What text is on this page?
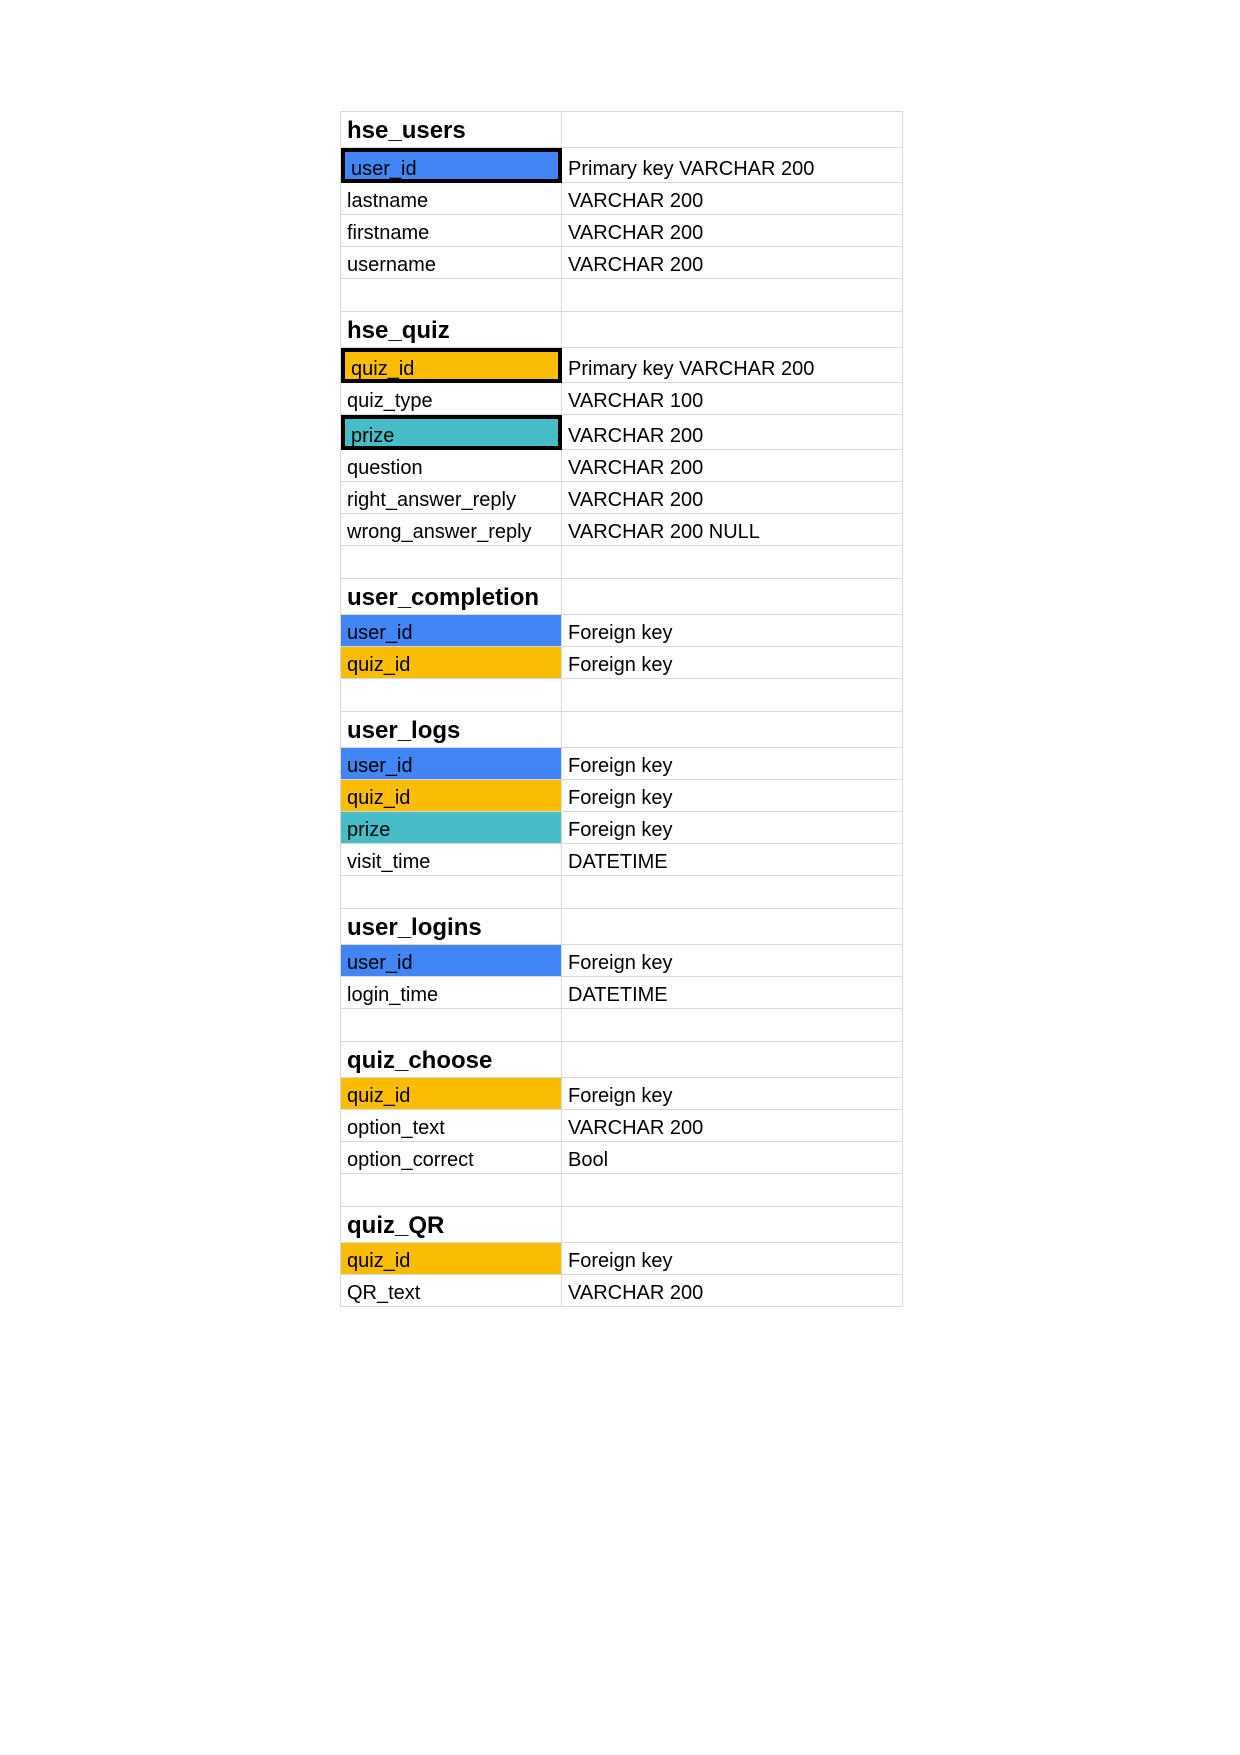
hse_users	
user_id	Primary key VARCHAR 200
lastname	VARCHAR 200
firstname	VARCHAR 200
username	VARCHAR 200

hse_quiz	
quiz_id	Primary key VARCHAR 200
quiz_type	VARCHAR 100
prize	VARCHAR 200
question	VARCHAR 200
right_answer_reply	VARCHAR 200
wrong_answer_reply	VARCHAR 200 NULL

user_completion	
user_id	Foreign key
quiz_id	Foreign key

user_logs	
user_id	Foreign key
quiz_id	Foreign key
prize	Foreign key
visit_time	DATETIME

user_logins	
user_id	Foreign key
login_time	DATETIME

quiz_choose	
quiz_id	Foreign key
option_text	VARCHAR 200
option_correct	Bool

quiz_QR	
quiz_id	Foreign key
QR_text	VARCHAR 200
